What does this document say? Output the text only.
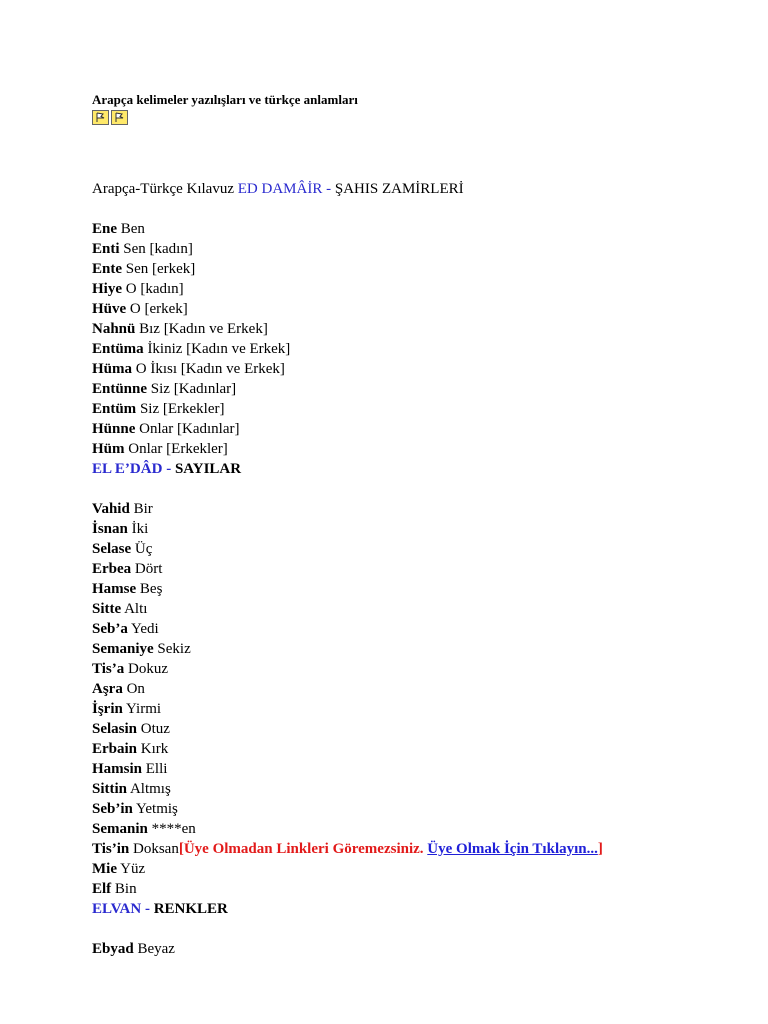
Arapça kelimeler yazılışları ve türkçe anlamları
Arapça-Türkçe Kılavuz ED DAMÂİR - ŞAHIS ZAMİRLERİ
Ene Ben
Enti Sen [kadın]
Ente Sen [erkek]
Hiye O [kadın]
Hüve O [erkek]
Nahnü Bız [Kadın ve Erkek]
Entüma İkiniz [Kadın ve Erkek]
Hüma O İkısı [Kadın ve Erkek]
Entünne Siz [Kadınlar]
Entüm Siz [Erkekler]
Hünne Onlar [Kadınlar]
Hüm Onlar [Erkekler]
EL E’DÂD - SAYILAR
Vahid Bir
İsnan İki
Selase Üç
Erbea Dört
Hamse Beş
Sitte Altı
Seb’a Yedi
Semaniye Sekiz
Tis’a Dokuz
Aşra On
İşrin Yirmi
Selasin Otuz
Erbain Kırk
Hamsin Elli
Sittin Altmış
Seb’in Yetmiş
Semanin ****en
Tis’in Doksan[Üye Olmadan Linkleri Göremezsiniz. Üye Olmak İçin Tıklayın...]
Mie Yüz
Elf Bin
ELVAN - RENKLER
Ebyad Beyaz
